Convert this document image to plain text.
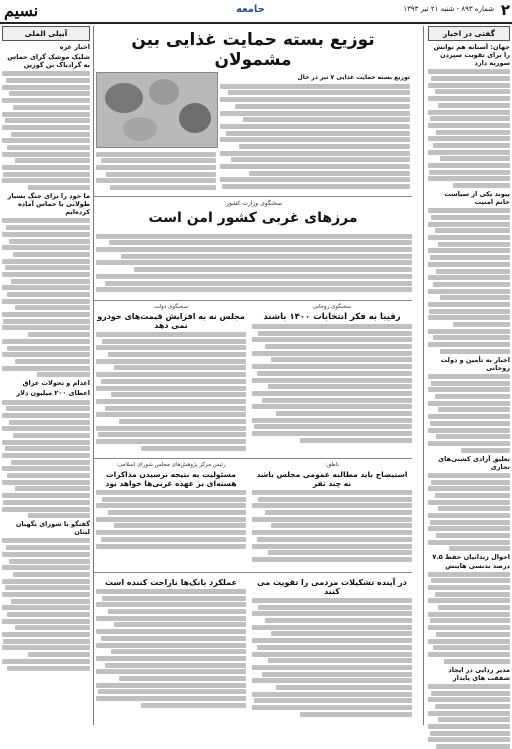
۲
شماره ۸۹۳ - شنبه ۲۱ تیر ۱۳۹۳
جامعه
نسیم
گفتی در اخبار
جهان: آستانه هم توانش را برای تقویت سپردن سوریه دارد
پیوند یکی از سیاست خانم امنیت
اخبار به تأمین و دولت روحانی
تعلیق آزادی کشتی‌های تجاری
احوال زندانیان حفظ ۷.۵ درصد بدنسی هاینش
مدیر زدایی در ایجاد شفقت های پایدار
آبیلی الملی
اخبار غزه
شلیک موشک گرای حماس به گرادیاک بن گورین
ما خود را برای جنگ بسیار طولانی با حماس آماده کرده‌ایم
اعدام و تحولات عراق
اعطای ۲۰۰ میلیون دلار
گفتگو با شورای نگهبان لبنان
توزیع بسته حمایت غذایی بین مشمولان
توزیع بسته حمایت غذایی ۷ تیر در حال
سخنگوی وزارت کشور:
مرزهای غربی کشور امن است
سخنگوی دولت
مجلس نه به افزایش قیمت‌های خودرو نمی دهد
سخنگوی روحانی
رقیبا به فکر انتخابات ۱۴۰۰ باشند
رئیس مرکز پژوهش‌های مجلس شورای اسلامی:
مسئولیت به نتیجه نرسیدن مذاکرات هسته‌ای بر عهده غربی‌ها خواهد بود
ناطق:
استیضاح باید مطالبه عمومی مجلس باشد نه چند نفر
عملکرد بانک‌ها ناراحت کننده است	در آینده تشکیلات مردمی را تقویت می کنند
